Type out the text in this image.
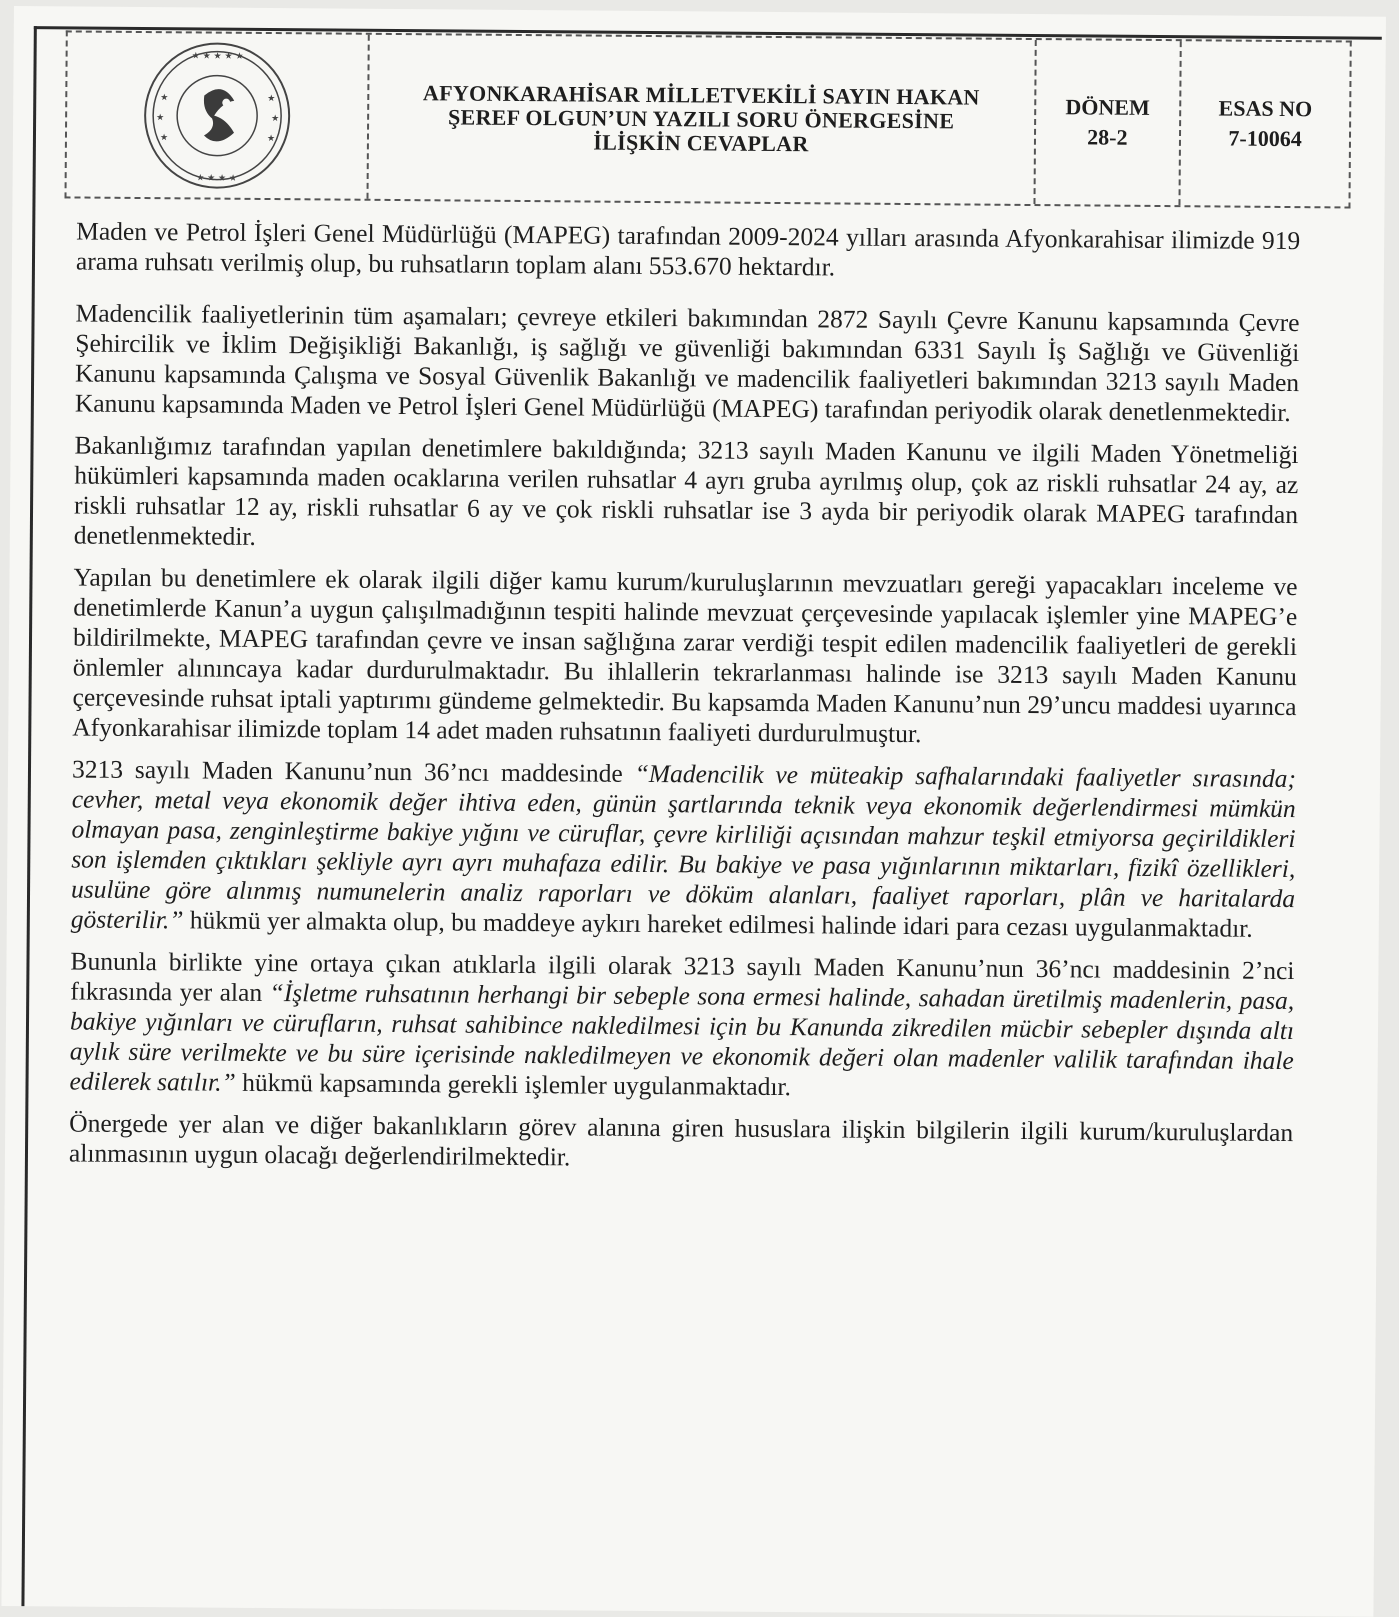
★ ★ ★ ★ ★
★
★
★
★
★
★
★ ★ ★ ★
AFYONKARAHİSAR MİLLETVEKİLİ SAYIN HAKAN
ŞEREF OLGUN’UN YAZILI SORU ÖNERGESİNE
İLİŞKİN CEVAPLAR
DÖNEM
28-2
ESAS NO
7-10064

Maden ve Petrol İşleri Genel Müdürlüğü (MAPEG) tarafından 2009-2024 yılları arasında Afyonkarahisar ilimizde 919 arama ruhsatı verilmiş olup, bu ruhsatların toplam alanı 553.670 hektardır.

Madencilik faaliyetlerinin tüm aşamaları; çevreye etkileri bakımından 2872 Sayılı Çevre Kanunu kapsamında Çevre Şehircilik ve İklim Değişikliği Bakanlığı, iş sağlığı ve güvenliği bakımından 6331 Sayılı İş Sağlığı ve Güvenliği Kanunu kapsamında Çalışma ve Sosyal Güvenlik Bakanlığı ve madencilik faaliyetleri bakımından 3213 sayılı Maden Kanunu kapsamında Maden ve Petrol İşleri Genel Müdürlüğü (MAPEG) tarafından periyodik olarak denetlenmektedir.

Bakanlığımız tarafından yapılan denetimlere bakıldığında; 3213 sayılı Maden Kanunu ve ilgili Maden Yönetmeliği hükümleri kapsamında maden ocaklarına verilen ruhsatlar 4 ayrı gruba ayrılmış olup, çok az riskli ruhsatlar 24 ay, az riskli ruhsatlar 12 ay, riskli ruhsatlar 6 ay ve çok riskli ruhsatlar ise 3 ayda bir periyodik olarak MAPEG tarafından denetlenmektedir.

Yapılan bu denetimlere ek olarak ilgili diğer kamu kurum/kuruluşlarının mevzuatları gereği yapacakları inceleme ve denetimlerde Kanun’a uygun çalışılmadığının tespiti halinde mevzuat çerçevesinde yapılacak işlemler yine MAPEG’e bildirilmekte, MAPEG tarafından çevre ve insan sağlığına zarar verdiği tespit edilen madencilik faaliyetleri de gerekli önlemler alınıncaya kadar durdurulmaktadır. Bu ihlallerin tekrarlanması halinde ise 3213 sayılı Maden Kanunu çerçevesinde ruhsat iptali yaptırımı gündeme gelmektedir. Bu kapsamda Maden Kanunu’nun 29’uncu maddesi uyarınca Afyonkarahisar ilimizde toplam 14 adet maden ruhsatının faaliyeti durdurulmuştur.

3213 sayılı Maden Kanunu’nun 36’ncı maddesinde “Madencilik ve müteakip safhalarındaki faaliyetler sırasında; cevher, metal veya ekonomik değer ihtiva eden, günün şartlarında teknik veya ekonomik değerlendirmesi mümkün olmayan pasa, zenginleştirme bakiye yığını ve cüruflar, çevre kirliliği açısından mahzur teşkil etmiyorsa geçirildikleri son işlemden çıktıkları şekliyle ayrı ayrı muhafaza edilir. Bu bakiye ve pasa yığınlarının miktarları, fizikî özellikleri, usulüne göre alınmış numunelerin analiz raporları ve döküm alanları, faaliyet raporları, plân ve haritalarda gösterilir.” hükmü yer almakta olup, bu maddeye aykırı hareket edilmesi halinde idari para cezası uygulanmaktadır.

Bununla birlikte yine ortaya çıkan atıklarla ilgili olarak 3213 sayılı Maden Kanunu’nun 36’ncı maddesinin 2’nci fıkrasında yer alan “İşletme ruhsatının herhangi bir sebeple sona ermesi halinde, sahadan üretilmiş madenlerin, pasa, bakiye yığınları ve cürufların, ruhsat sahibince nakledilmesi için bu Kanunda zikredilen mücbir sebepler dışında altı aylık süre verilmekte ve bu süre içerisinde nakledilmeyen ve ekonomik değeri olan madenler valilik tarafından ihale edilerek satılır.” hükmü kapsamında gerekli işlemler uygulanmaktadır.

Önergede yer alan ve diğer bakanlıkların görev alanına giren hususlara ilişkin bilgilerin ilgili kurum/kuruluşlardan alınmasının uygun olacağı değerlendirilmektedir.
